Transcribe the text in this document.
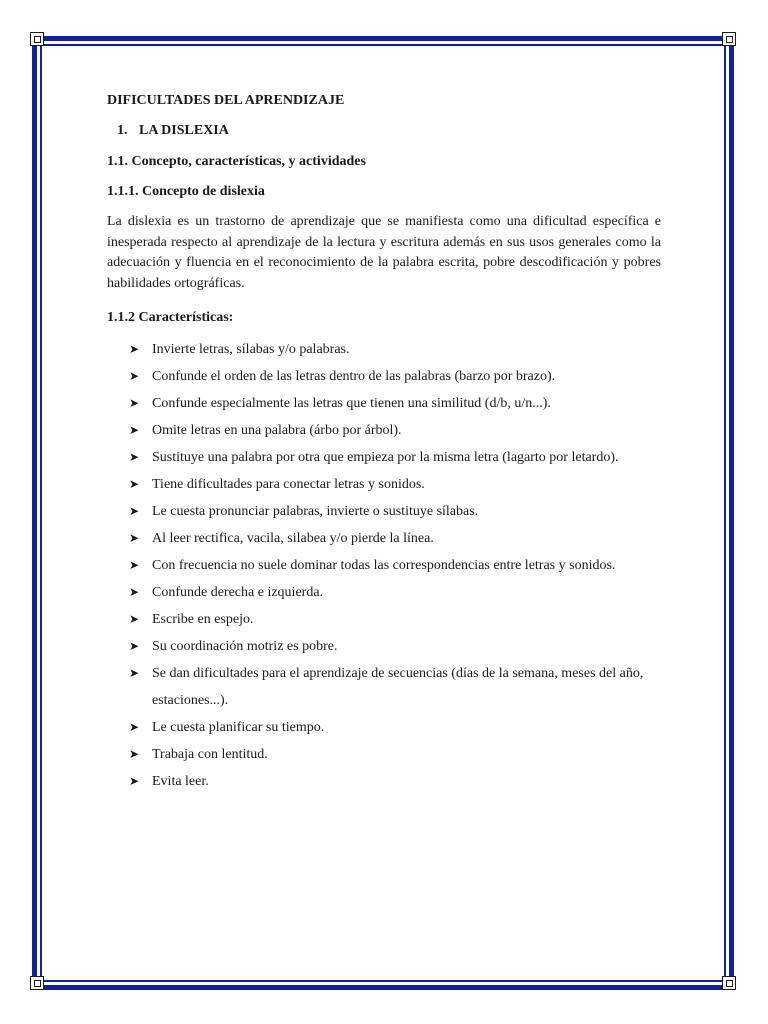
DIFICULTADES DEL APRENDIZAJE

1. LA DISLEXIA

1.1. Concepto, características, y actividades

1.1.1. Concepto de dislexia

La dislexia es un trastorno de aprendizaje que se manifiesta como una dificultad específica e inesperada respecto al aprendizaje de la lectura y escritura además en sus usos generales como la adecuación y fluencia en el reconocimiento de la palabra escrita, pobre descodificación y pobres habilidades ortográficas.

1.1.2 Características:

➤ Invierte letras, sílabas y/o palabras.
➤ Confunde el orden de las letras dentro de las palabras (barzo por brazo).
➤ Confunde especialmente las letras que tienen una similitud (d/b, u/n...).
➤ Omite letras en una palabra (árbo por árbol).
➤ Sustituye una palabra por otra que empieza por la misma letra (lagarto por letardo).
➤ Tiene dificultades para conectar letras y sonidos.
➤ Le cuesta pronunciar palabras, invierte o sustituye sílabas.
➤ Al leer rectifica, vacila, silabea y/o pierde la línea.
➤ Con frecuencia no suele dominar todas las correspondencias entre letras y sonidos.
➤ Confunde derecha e izquierda.
➤ Escribe en espejo.
➤ Su coordinación motriz es pobre.
➤ Se dan dificultades para el aprendizaje de secuencias (días de la semana, meses del año, estaciones...).
➤ Le cuesta planificar su tiempo.
➤ Trabaja con lentitud.
➤ Evita leer.
